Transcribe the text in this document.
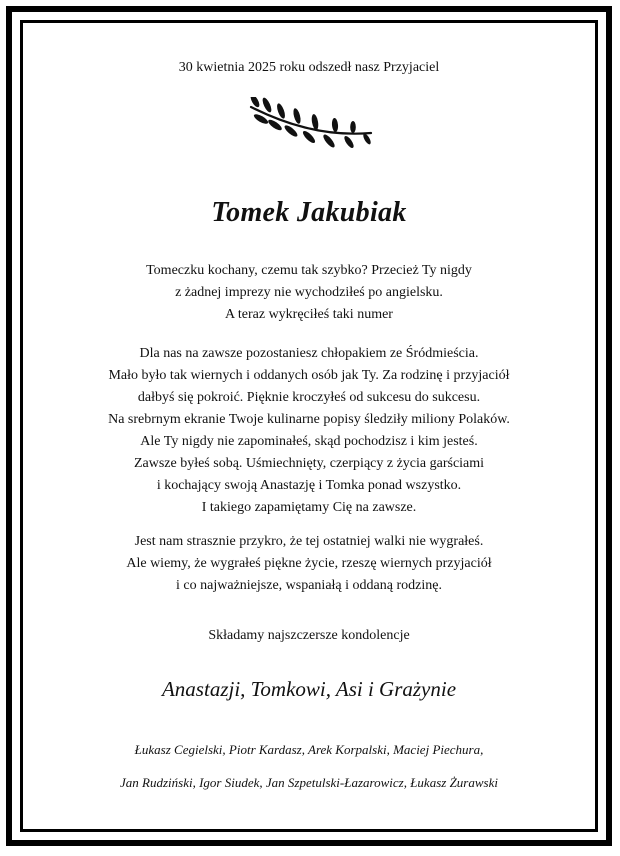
30 kwietnia 2025 roku odszedł nasz Przyjaciel
Tomek Jakubiak

Tomeczku kochany, czemu tak szybko? Przecież Ty nigdy
z żadnej imprezy nie wychodziłeś po angielsku.
A teraz wykręciłeś taki numer

Dla nas na zawsze pozostaniesz chłopakiem ze Śródmieścia.
Mało było tak wiernych i oddanych osób jak Ty. Za rodzinę i przyjaciół
dałbyś się pokroić. Pięknie kroczyłeś od sukcesu do sukcesu.
Na srebrnym ekranie Twoje kulinarne popisy śledziły miliony Polaków.
Ale Ty nigdy nie zapominałeś, skąd pochodzisz i kim jesteś.
Zawsze byłeś sobą. Uśmiechnięty, czerpiący z życia garściami
i kochający swoją Anastazję i Tomka ponad wszystko.
I takiego zapamiętamy Cię na zawsze.

Jest nam strasznie przykro, że tej ostatniej walki nie wygrałeś.
Ale wiemy, że wygrałeś piękne życie, rzeszę wiernych przyjaciół
i co najważniejsze, wspaniałą i oddaną rodzinę.

Składamy najszczersze kondolencje
Anastazji, Tomkowi, Asi i Grażynie
Łukasz Cegielski, Piotr Kardasz, Arek Korpalski, Maciej Piechura,
Jan Rudziński, Igor Siudek, Jan Szpetulski-Łazarowicz, Łukasz Żurawski
